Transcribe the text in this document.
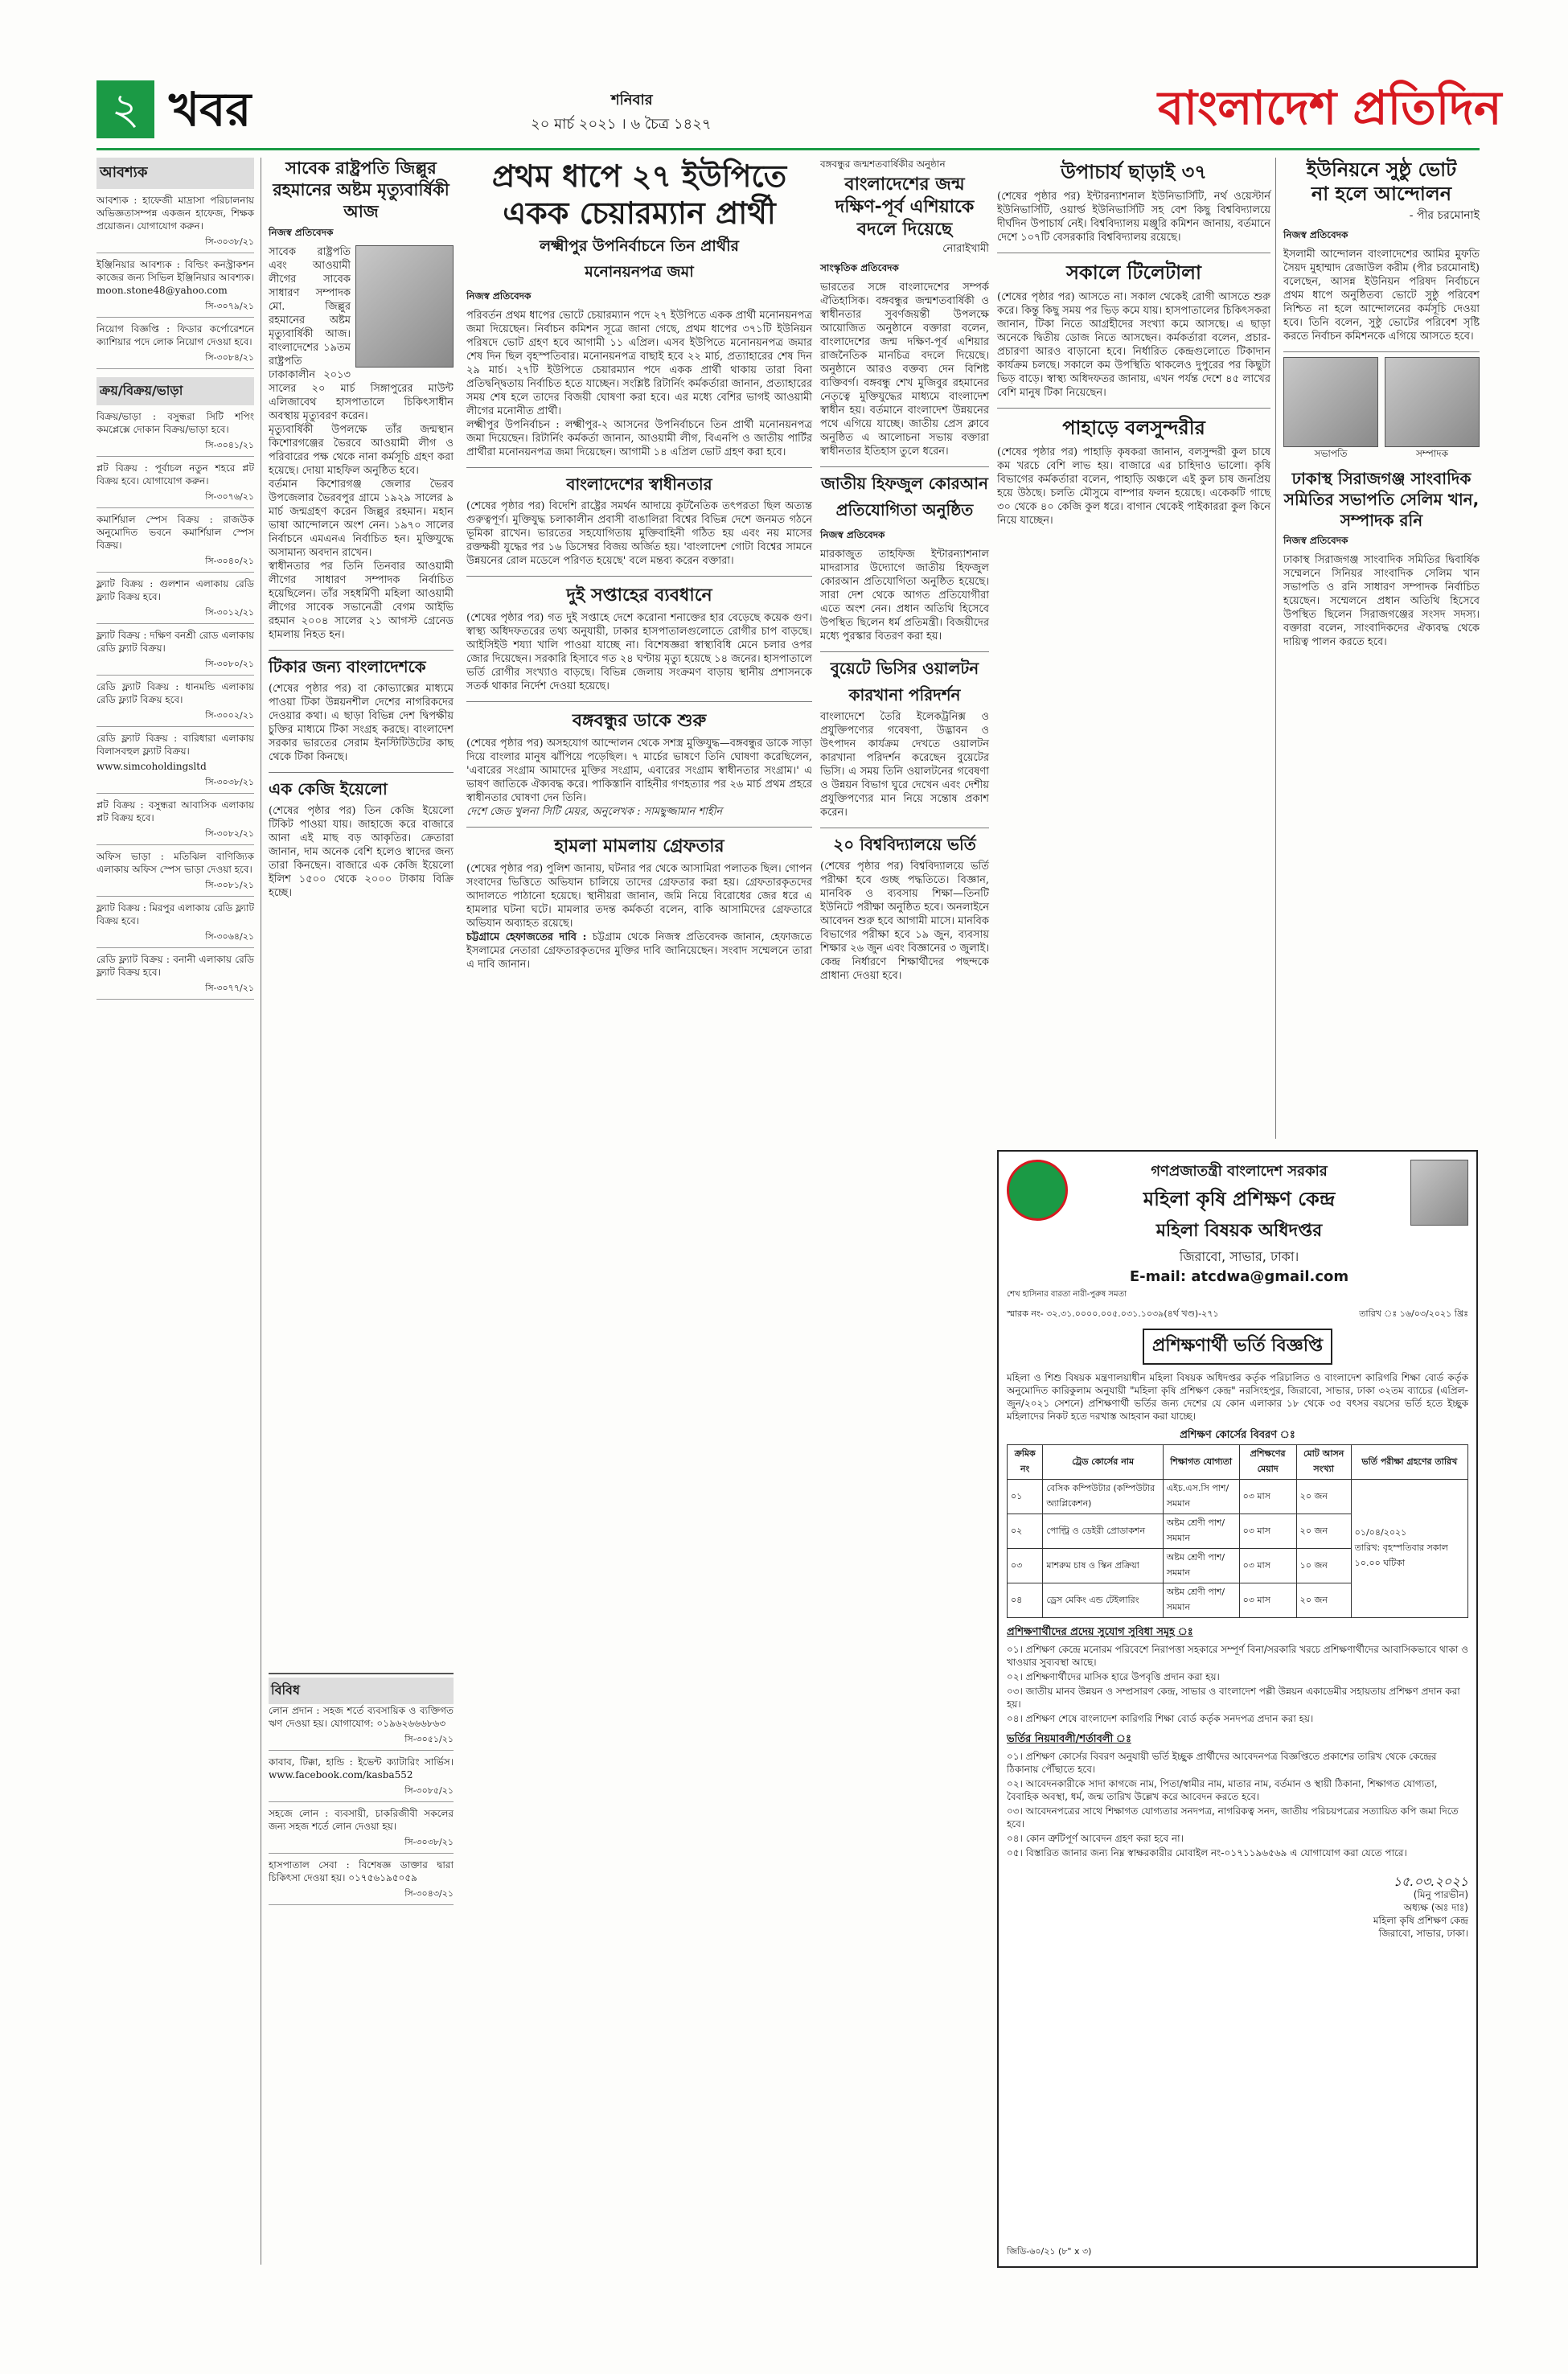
২ খবর	শনিবার
২০ মার্চ ২০২১ । ৬ চৈত্র ১৪২৭	বাংলাদেশ প্রতিদিন
আবশ্যক

আবশ্যক : হাফেজী মাদ্রাসা পরিচালনায় অভিজ্ঞতাসম্পন্ন একজন হাফেজ, শিক্ষক প্রয়োজন। যোগাযোগ করুন।

সি-৩০৩৮/২১

ইঞ্জিনিয়ার আবশ্যক : বিল্ডিং কনস্ট্রাকশন কাজের জন্য সিভিল ইঞ্জিনিয়ার আবশ্যক। moon.stone48@yahoo.com

সি-৩০৭৯/২১

নিয়োগ বিজ্ঞপ্তি : ফিডার কর্পোরেশনে ক্যাশিয়ার পদে লোক নিয়োগ দেওয়া হবে।

সি-৩০৮৪/২১

ক্রয়/বিক্রয়/ভাড়া

বিক্রয়/ভাড়া : বসুন্ধরা সিটি শপিং কমপ্লেক্সে দোকান বিক্রয়/ভাড়া হবে।

সি-৩০৪১/২১

প্লট বিক্রয় : পূর্বাচল নতুন শহরে প্লট বিক্রয় হবে। যোগাযোগ করুন।

সি-৩০৭৬/২১

কমার্শিয়াল স্পেস বিক্রয় : রাজউক অনুমোদিত ভবনে কমার্শিয়াল স্পেস বিক্রয়।

সি-৩০৪০/২১

ফ্ল্যাট বিক্রয় : গুলশান এলাকায় রেডি ফ্ল্যাট বিক্রয় হবে।

সি-৩০১২/২১

ফ্ল্যাট বিক্রয় : দক্ষিণ বনশ্রী রোড এলাকায় রেডি ফ্ল্যাট বিক্রয়।

সি-৩০৮০/২১

রেডি ফ্ল্যাট বিক্রয় : ধানমন্ডি এলাকায় রেডি ফ্ল্যাট বিক্রয় হবে।

সি-৩০০২/২১

রেডি ফ্ল্যাট বিক্রয় : বারিধারা এলাকায় বিলাসবহুল ফ্ল্যাট বিক্রয়।

www.simcoholdingsltd

সি-৩০৩৮/২১

প্লট বিক্রয় : বসুন্ধরা আবাসিক এলাকায় প্লট বিক্রয় হবে।

সি-৩০৮২/২১

অফিস ভাড়া : মতিঝিল বাণিজ্যিক এলাকায় অফিস স্পেস ভাড়া দেওয়া হবে।

সি-৩০৮১/২১

ফ্ল্যাট বিক্রয় : মিরপুর এলাকায় রেডি ফ্ল্যাট বিক্রয় হবে।

সি-৩০৬৪/২১

রেডি ফ্ল্যাট বিক্রয় : বনানী এলাকায় রেডি ফ্ল্যাট বিক্রয় হবে।

সি-৩০৭৭/২১

সাবেক রাষ্ট্রপতি জিল্লুর রহমানের অষ্টম মৃত্যুবার্ষিকী আজ
নিজস্ব প্রতিবেদক

সাবেক রাষ্ট্রপতি এবং আওয়ামী লীগের সাবেক সাধারণ সম্পাদক মো. জিল্লুর রহমানের অষ্টম মৃত্যুবার্ষিকী আজ। বাংলাদেশের ১৯তম রাষ্ট্রপতি ঢাকাকালীন ২০১৩ সালের ২০ মার্চ সিঙ্গাপুরের মাউন্ট এলিজাবেথ হাসপাতালে চিকিৎসাধীন অবস্থায় মৃত্যুবরণ করেন।

মৃত্যুবার্ষিকী উপলক্ষে তাঁর জন্মস্থান কিশোরগঞ্জের ভৈরবে আওয়ামী লীগ ও পরিবারের পক্ষ থেকে নানা কর্মসূচি গ্রহণ করা হয়েছে। দোয়া মাহফিল অনুষ্ঠিত হবে।

বর্তমান কিশোরগঞ্জ জেলার ভৈরব উপজেলার ভৈরবপুর গ্রামে ১৯২৯ সালের ৯ মার্চ জন্মগ্রহণ করেন জিল্লুর রহমান। মহান ভাষা আন্দোলনে অংশ নেন। ১৯৭০ সালের নির্বাচনে এমএনএ নির্বাচিত হন। মুক্তিযুদ্ধে অসামান্য অবদান রাখেন।

স্বাধীনতার পর তিনি তিনবার আওয়ামী লীগের সাধারণ সম্পাদক নির্বাচিত হয়েছিলেন। তাঁর সহধর্মিণী মহিলা আওয়ামী লীগের সাবেক সভানেত্রী বেগম আইভি রহমান ২০০৪ সালের ২১ আগস্ট গ্রেনেড হামলায় নিহত হন।

টিকার জন্য বাংলাদেশকে

(শেষের পৃষ্ঠার পর) বা কোভ্যাক্সের মাধ্যমে পাওয়া টিকা উন্নয়নশীল দেশের নাগরিকদের দেওয়ার কথা। এ ছাড়া বিভিন্ন দেশ দ্বিপক্ষীয় চুক্তির মাধ্যমে টিকা সংগ্রহ করছে। বাংলাদেশ সরকার ভারতের সেরাম ইনস্টিটিউটের কাছ থেকে টিকা কিনছে।

এক কেজি ইয়েলো

(শেষের পৃষ্ঠার পর) তিন কেজি ইয়েলো টিকিট পাওয়া যায়। জাহাজে করে বাজারে আনা এই মাছ বড় আকৃতির। ক্রেতারা জানান, দাম অনেক বেশি হলেও স্বাদের জন্য তারা কিনছেন। বাজারে এক কেজি ইয়েলো ইলিশ ১৫০০ থেকে ২০০০ টাকায় বিক্রি হচ্ছে।

বিবিধ

লোন প্রদান : সহজ শর্তে ব্যবসায়িক ও ব্যক্তিগত ঋণ দেওয়া হয়। যোগাযোগ: ০১৯৬২৬৬৬৮৬৩

সি-৩০৫১/২১

কাবাব, টিক্কা, হান্ডি : ইভেন্ট ক্যাটারিং সার্ভিস। www.facebook.com/kasba552

সি-৩০৮৫/২১

সহজে লোন : ব্যবসায়ী, চাকরিজীবী সকলের জন্য সহজ শর্তে লোন দেওয়া হয়।

সি-৩০৩৮/২১

হাসপাতাল সেবা : বিশেষজ্ঞ ডাক্তার দ্বারা চিকিৎসা দেওয়া হয়। ০১৭৫৬১৯৫০৫৯

সি-৩০৪৩/২১

প্রথম ধাপে ২৭ ইউপিতে
একক চেয়ারম্যান প্রার্থী
লক্ষ্মীপুর উপনির্বাচনে তিন প্রার্থীর
মনোনয়নপত্র জমা
নিজস্ব প্রতিবেদক

পরিবর্তন প্রথম ধাপের ভোটে চেয়ারম্যান পদে ২৭ ইউপিতে একক প্রার্থী মনোনয়নপত্র জমা দিয়েছেন। নির্বাচন কমিশন সূত্রে জানা গেছে, প্রথম ধাপের ৩৭১টি ইউনিয়ন পরিষদে ভোট গ্রহণ হবে আগামী ১১ এপ্রিল। এসব ইউপিতে মনোনয়নপত্র জমার শেষ দিন ছিল বৃহস্পতিবার। মনোনয়নপত্র বাছাই হবে ২২ মার্চ, প্রত্যাহারের শেষ দিন ২৯ মার্চ। ২৭টি ইউপিতে চেয়ারম্যান পদে একক প্রার্থী থাকায় তারা বিনা প্রতিদ্বন্দ্বিতায় নির্বাচিত হতে যাচ্ছেন। সংশ্লিষ্ট রিটার্নিং কর্মকর্তারা জানান, প্রত্যাহারের সময় শেষ হলে তাদের বিজয়ী ঘোষণা করা হবে। এর মধ্যে বেশির ভাগই আওয়ামী লীগের মনোনীত প্রার্থী।

লক্ষ্মীপুর উপনির্বাচন : লক্ষ্মীপুর-২ আসনের উপনির্বাচনে তিন প্রার্থী মনোনয়নপত্র জমা দিয়েছেন। রিটার্নিং কর্মকর্তা জানান, আওয়ামী লীগ, বিএনপি ও জাতীয় পার্টির প্রার্থীরা মনোনয়নপত্র জমা দিয়েছেন। আগামী ১৪ এপ্রিল ভোট গ্রহণ করা হবে।

বাংলাদেশের স্বাধীনতার

(শেষের পৃষ্ঠার পর) বিদেশি রাষ্ট্রের সমর্থন আদায়ে কূটনৈতিক তৎপরতা ছিল অত্যন্ত গুরুত্বপূর্ণ। মুক্তিযুদ্ধ চলাকালীন প্রবাসী বাঙালিরা বিশ্বের বিভিন্ন দেশে জনমত গঠনে ভূমিকা রাখেন। ভারতের সহযোগিতায় মুক্তিবাহিনী গঠিত হয় এবং নয় মাসের রক্তক্ষয়ী যুদ্ধের পর ১৬ ডিসেম্বর বিজয় অর্জিত হয়। 'বাংলাদেশ গোটা বিশ্বের সামনে উন্নয়নের রোল মডেলে পরিণত হয়েছে' বলে মন্তব্য করেন বক্তারা।

দুই সপ্তাহের ব্যবধানে

(শেষের পৃষ্ঠার পর) গত দুই সপ্তাহে দেশে করোনা শনাক্তের হার বেড়েছে কয়েক গুণ। স্বাস্থ্য অধিদফতরের তথ্য অনুযায়ী, ঢাকার হাসপাতালগুলোতে রোগীর চাপ বাড়ছে। আইসিইউ শয্যা খালি পাওয়া যাচ্ছে না। বিশেষজ্ঞরা স্বাস্থ্যবিধি মেনে চলার ওপর জোর দিয়েছেন। সরকারি হিসাবে গত ২৪ ঘণ্টায় মৃত্যু হয়েছে ১৪ জনের। হাসপাতালে ভর্তি রোগীর সংখ্যাও বাড়ছে। বিভিন্ন জেলায় সংক্রমণ বাড়ায় স্থানীয় প্রশাসনকে সতর্ক থাকার নির্দেশ দেওয়া হয়েছে।

বঙ্গবন্ধুর ডাকে শুরু

(শেষের পৃষ্ঠার পর) অসহযোগ আন্দোলন থেকে সশস্ত্র মুক্তিযুদ্ধ—বঙ্গবন্ধুর ডাকে সাড়া দিয়ে বাংলার মানুষ ঝাঁপিয়ে পড়েছিল। ৭ মার্চের ভাষণে তিনি ঘোষণা করেছিলেন, 'এবারের সংগ্রাম আমাদের মুক্তির সংগ্রাম, এবারের সংগ্রাম স্বাধীনতার সংগ্রাম।' এ ভাষণ জাতিকে ঐক্যবদ্ধ করে। পাকিস্তানি বাহিনীর গণহত্যার পর ২৬ মার্চ প্রথম প্রহরে স্বাধীনতার ঘোষণা দেন তিনি।

দেশে জেড খুলনা সিটি মেয়র, অনুলেখক : সামছুজ্জামান শাহীন

হামলা মামলায় গ্রেফতার

(শেষের পৃষ্ঠার পর) পুলিশ জানায়, ঘটনার পর থেকে আসামিরা পলাতক ছিল। গোপন সংবাদের ভিত্তিতে অভিযান চালিয়ে তাদের গ্রেফতার করা হয়। গ্রেফতারকৃতদের আদালতে পাঠানো হয়েছে। স্থানীয়রা জানান, জমি নিয়ে বিরোধের জের ধরে এ হামলার ঘটনা ঘটে। মামলার তদন্ত কর্মকর্তা বলেন, বাকি আসামিদের গ্রেফতারে অভিযান অব্যাহত রয়েছে।

চট্টগ্রামে হেফাজতের দাবি : চট্টগ্রাম থেকে নিজস্ব প্রতিবেদক জানান, হেফাজতে ইসলামের নেতারা গ্রেফতারকৃতদের মুক্তির দাবি জানিয়েছেন। সংবাদ সম্মেলনে তারা এ দাবি জানান।

বঙ্গবন্ধুর জন্মশতবার্ষিকীর অনুষ্ঠান
বাংলাদেশের জন্ম দক্ষিণ-পূর্ব এশিয়াকে বদলে দিয়েছে
নোরাইখামী
সাংস্কৃতিক প্রতিবেদক

ভারতের সঙ্গে বাংলাদেশের সম্পর্ক ঐতিহাসিক। বঙ্গবন্ধুর জন্মশতবার্ষিকী ও স্বাধীনতার সুবর্ণজয়ন্তী উপলক্ষে আয়োজিত অনুষ্ঠানে বক্তারা বলেন, বাংলাদেশের জন্ম দক্ষিণ-পূর্ব এশিয়ার রাজনৈতিক মানচিত্র বদলে দিয়েছে। অনুষ্ঠানে আরও বক্তব্য দেন বিশিষ্ট ব্যক্তিবর্গ। বঙ্গবন্ধু শেখ মুজিবুর রহমানের নেতৃত্বে মুক্তিযুদ্ধের মাধ্যমে বাংলাদেশ স্বাধীন হয়। বর্তমানে বাংলাদেশ উন্নয়নের পথে এগিয়ে যাচ্ছে। জাতীয় প্রেস ক্লাবে অনুষ্ঠিত এ আলোচনা সভায় বক্তারা স্বাধীনতার ইতিহাস তুলে ধরেন।

জাতীয় হিফজুল কোরআন প্রতিযোগিতা অনুষ্ঠিত
নিজস্ব প্রতিবেদক

মারকাজুত তাহফিজ ইন্টারন্যাশনাল মাদরাসার উদ্যোগে জাতীয় হিফজুল কোরআন প্রতিযোগিতা অনুষ্ঠিত হয়েছে। সারা দেশ থেকে আগত প্রতিযোগীরা এতে অংশ নেন। প্রধান অতিথি হিসেবে উপস্থিত ছিলেন ধর্ম প্রতিমন্ত্রী। বিজয়ীদের মধ্যে পুরস্কার বিতরণ করা হয়।

বুয়েটে ভিসির ওয়ালটন কারখানা পরিদর্শন

বাংলাদেশে তৈরি ইলেকট্রনিক্স ও প্রযুক্তিপণ্যের গবেষণা, উদ্ভাবন ও উৎপাদন কার্যক্রম দেখতে ওয়ালটন কারখানা পরিদর্শন করেছেন বুয়েটের ভিসি। এ সময় তিনি ওয়ালটনের গবেষণা ও উন্নয়ন বিভাগ ঘুরে দেখেন এবং দেশীয় প্রযুক্তিপণ্যের মান নিয়ে সন্তোষ প্রকাশ করেন।

২০ বিশ্ববিদ্যালয়ে ভর্তি

(শেষের পৃষ্ঠার পর) বিশ্ববিদ্যালয়ে ভর্তি পরীক্ষা হবে গুচ্ছ পদ্ধতিতে। বিজ্ঞান, মানবিক ও ব্যবসায় শিক্ষা—তিনটি ইউনিটে পরীক্ষা অনুষ্ঠিত হবে। অনলাইনে আবেদন শুরু হবে আগামী মাসে। মানবিক বিভাগের পরীক্ষা হবে ১৯ জুন, ব্যবসায় শিক্ষার ২৬ জুন এবং বিজ্ঞানের ৩ জুলাই। কেন্দ্র নির্ধারণে শিক্ষার্থীদের পছন্দকে প্রাধান্য দেওয়া হবে।

উপাচার্য ছাড়াই ৩৭

(শেষের পৃষ্ঠার পর) ইন্টারন্যাশনাল ইউনিভার্সিটি, নর্থ ওয়েস্টার্ন ইউনিভার্সিটি, ওয়ার্ল্ড ইউনিভার্সিটি সহ বেশ কিছু বিশ্ববিদ্যালয়ে দীর্ঘদিন উপাচার্য নেই। বিশ্ববিদ্যালয় মঞ্জুরি কমিশন জানায়, বর্তমানে দেশে ১০৭টি বেসরকারি বিশ্ববিদ্যালয় রয়েছে।

সকালে টিলেটালা

(শেষের পৃষ্ঠার পর) আসতে না। সকাল থেকেই রোগী আসতে শুরু করে। কিন্তু কিছু সময় পর ভিড় কমে যায়। হাসপাতালের চিকিৎসকরা জানান, টিকা নিতে আগ্রহীদের সংখ্যা কমে আসছে। এ ছাড়া অনেকে দ্বিতীয় ডোজ নিতে আসছেন। কর্মকর্তারা বলেন, প্রচার-প্রচারণা আরও বাড়ানো হবে। নির্ধারিত কেন্দ্রগুলোতে টিকাদান কার্যক্রম চলছে। সকালে কম উপস্থিতি থাকলেও দুপুরের পর কিছুটা ভিড় বাড়ে। স্বাস্থ্য অধিদফতর জানায়, এখন পর্যন্ত দেশে ৪৫ লাখের বেশি মানুষ টিকা নিয়েছেন।

পাহাড়ে বলসুন্দরীর

(শেষের পৃষ্ঠার পর) পাহাড়ি কৃষকরা জানান, বলসুন্দরী কুল চাষে কম খরচে বেশি লাভ হয়। বাজারে এর চাহিদাও ভালো। কৃষি বিভাগের কর্মকর্তারা বলেন, পাহাড়ি অঞ্চলে এই কুল চাষ জনপ্রিয় হয়ে উঠছে। চলতি মৌসুমে বাম্পার ফলন হয়েছে। একেকটি গাছে ৩০ থেকে ৪০ কেজি কুল ধরে। বাগান থেকেই পাইকাররা কুল কিনে নিয়ে যাচ্ছেন।

ইউনিয়নে সুষ্ঠু ভোট
না হলে আন্দোলন
- পীর চরমোনাই
নিজস্ব প্রতিবেদক

ইসলামী আন্দোলন বাংলাদেশের আমির মুফতি সৈয়দ মুহাম্মাদ রেজাউল করীম (পীর চরমোনাই) বলেছেন, আসন্ন ইউনিয়ন পরিষদ নির্বাচনে প্রথম ধাপে অনুষ্ঠিতব্য ভোটে সুষ্ঠু পরিবেশ নিশ্চিত না হলে আন্দোলনের কর্মসূচি দেওয়া হবে। তিনি বলেন, সুষ্ঠু ভোটের পরিবেশ সৃষ্টি করতে নির্বাচন কমিশনকে এগিয়ে আসতে হবে।

সভাপতি	সম্পাদক
ঢাকাস্থ সিরাজগঞ্জ সাংবাদিক সমিতির সভাপতি সেলিম খান, সম্পাদক রনি
নিজস্ব প্রতিবেদক

ঢাকাস্থ সিরাজগঞ্জ সাংবাদিক সমিতির দ্বিবার্ষিক সম্মেলনে সিনিয়র সাংবাদিক সেলিম খান সভাপতি ও রনি সাধারণ সম্পাদক নির্বাচিত হয়েছেন। সম্মেলনে প্রধান অতিথি হিসেবে উপস্থিত ছিলেন সিরাজগঞ্জের সংসদ সদস্য। বক্তারা বলেন, সাংবাদিকদের ঐক্যবদ্ধ থেকে দায়িত্ব পালন করতে হবে।

গণপ্রজাতন্ত্রী বাংলাদেশ সরকার
মহিলা কৃষি প্রশিক্ষণ কেন্দ্র
মহিলা বিষয়ক অধিদপ্তর
জিরাবো, সাভার, ঢাকা।
E-mail: atcdwa@gmail.com
শেখ হাসিনার বারতা নারী-পুরুষ সমতা
স্মারক নং- ৩২.৩১.০০০০.০০৫.০৩১.১০৩৯(৪র্থ খণ্ড)-২৭১	তারিখ ঃ ১৬/০৩/২০২১ খ্রিঃ
প্রশিক্ষণার্থী ভর্তি বিজ্ঞপ্তি

মহিলা ও শিশু বিষয়ক মন্ত্রণালয়াধীন মহিলা বিষয়ক অধিদপ্তর কর্তৃক পরিচালিত ও বাংলাদেশ কারিগরি শিক্ষা বোর্ড কর্তৃক অনুমোদিত কারিকুলাম অনুযায়ী "মহিলা কৃষি প্রশিক্ষণ কেন্দ্র" নরসিংহপুর, জিরাবো, সাভার, ঢাকা ৩২তম ব্যাচের (এপ্রিল-জুন/২০২১ সেশনে) প্রশিক্ষণার্থী ভর্তির জন্য দেশের যে কোন এলাকার ১৮ থেকে ৩৫ বৎসর বয়সের ভর্তি হতে ইচ্ছুক মহিলাদের নিকট হতে দরখাস্ত আহবান করা যাচ্ছে।

প্রশিক্ষণ কোর্সের বিবরণ ঃ
ক্রমিক নং	ট্রেড কোর্সের নাম	শিক্ষাগত যোগ্যতা	প্রশিক্ষণের মেয়াদ	মোট আসন সংখ্যা	ভর্তি পরীক্ষা গ্রহণের তারিখ
০১	বেসিক কম্পিউটার (কম্পিউটার অ্যাপ্লিকেশন)	এইচ.এস.সি পাশ/সমমান	০৩ মাস	২০ জন	০১/০৪/২০২১
তারিখ: বৃহস্পতিবার সকাল ১০.০০ ঘটিকা
০২	পোল্ট্রি ও ডেইরী প্রোডাকশন	অষ্টম শ্রেণী পাশ/সমমান	০৩ মাস	২০ জন	
০৩	মাশরুম চাষ ও স্কিন প্রক্রিয়া	অষ্টম শ্রেণী পাশ/সমমান	০৩ মাস	১০ জন	
০৪	ড্রেস মেকিং এন্ড টেইলারিং	অষ্টম শ্রেণী পাশ/সমমান	০৩ মাস	২০ জন	
প্রশিক্ষণার্থীদের প্রদেয় সুযোগ সুবিধা সমূহ ঃ

০১। প্রশিক্ষণ কেন্দ্রে মনোরম পরিবেশে নিরাপত্তা সহকারে সম্পূর্ণ বিনা/সরকারি খরচে প্রশিক্ষণার্থীদের আবাসিকভাবে থাকা ও খাওয়ার সুব্যবস্থা আছে।

০২। প্রশিক্ষণার্থীদের মাসিক হারে উপবৃত্তি প্রদান করা হয়।

০৩। জাতীয় মানব উন্নয়ন ও সম্প্রসারণ কেন্দ্র, সাভার ও বাংলাদেশ পল্লী উন্নয়ন একাডেমীর সহায়তায় প্রশিক্ষণ প্রদান করা হয়।

০৪। প্রশিক্ষণ শেষে বাংলাদেশ কারিগরি শিক্ষা বোর্ড কর্তৃক সনদপত্র প্রদান করা হয়।

ভর্তির নিয়মাবলী/শর্তাবলী ঃ

০১। প্রশিক্ষণ কোর্সের বিবরণ অনুযায়ী ভর্তি ইচ্ছুক প্রার্থীদের আবেদনপত্র বিজ্ঞপ্তিতে প্রকাশের তারিখ থেকে কেন্দ্রের ঠিকানায় পৌঁছাতে হবে।

০২। আবেদনকারীকে সাদা কাগজে নাম, পিতা/স্বামীর নাম, মাতার নাম, বর্তমান ও স্থায়ী ঠিকানা, শিক্ষাগত যোগ্যতা, বৈবাহিক অবস্থা, ধর্ম, জন্ম তারিখ উল্লেখ করে আবেদন করতে হবে।

০৩। আবেদনপত্রের সাথে শিক্ষাগত যোগ্যতার সনদপত্র, নাগরিকত্ব সনদ, জাতীয় পরিচয়পত্রের সত্যায়িত কপি জমা দিতে হবে।

০৪। কোন ত্রুটিপূর্ণ আবেদন গ্রহণ করা হবে না।

০৫। বিস্তারিত জানার জন্য নিম্ন স্বাক্ষরকারীর মোবাইল নং-০১৭১১৯৬৫৬৯ এ যোগাযোগ করা যেতে পারে।

১৫.০৩.২০২১
(মিনু পারভীন)
অধ্যক্ষ (অঃ দাঃ)
মহিলা কৃষি প্রশিক্ষণ কেন্দ্র
জিরাবো, সাভার, ঢাকা।
জিডি-৬০/২১ (৮" x ৩)
